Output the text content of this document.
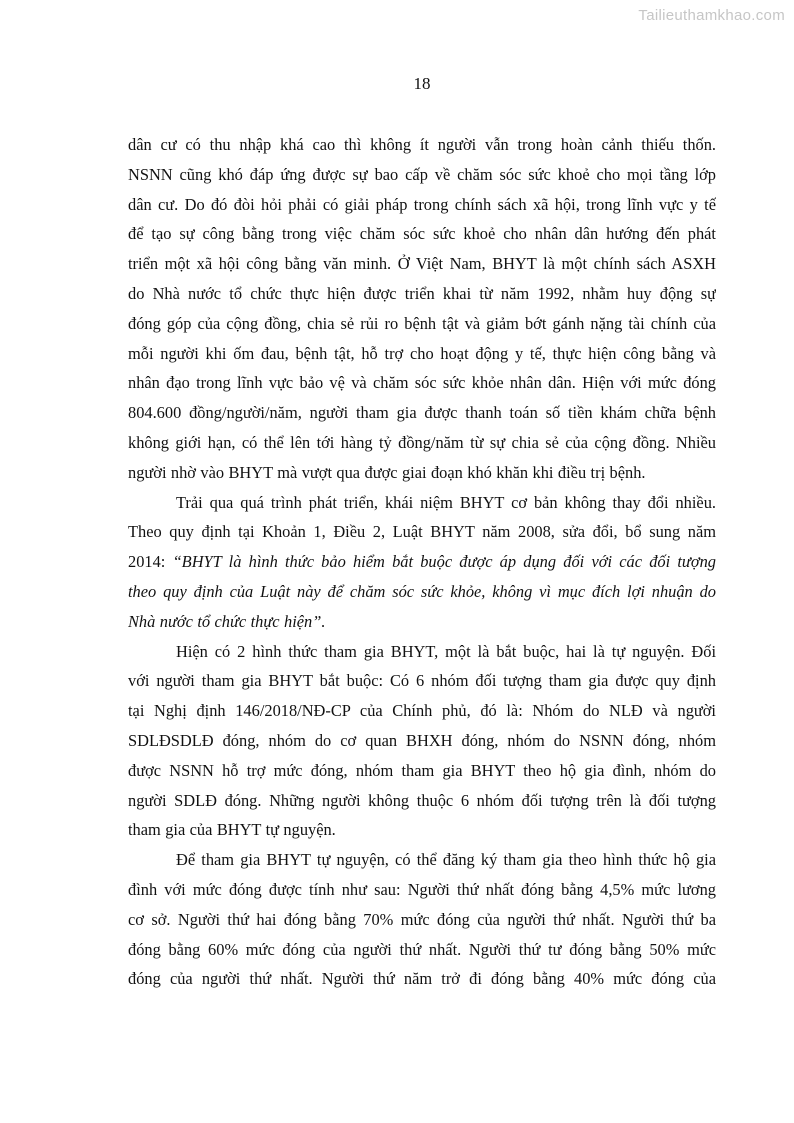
Tailieuthamkhao.com
18
dân cư có thu nhập khá cao thì không ít người vẫn trong hoàn cảnh thiếu thốn.
NSNN cũng khó đáp ứng được sự bao cấp về chăm sóc sức khoẻ cho mọi tầng lớp
dân cư. Do đó đòi hỏi phải có giải pháp trong chính sách xã hội, trong lĩnh vực y tế
để tạo sự công bằng trong việc chăm sóc sức khoẻ cho nhân dân hướng đến phát
triển một xã hội công bằng văn minh. Ở Việt Nam, BHYT là một chính sách ASXH
do Nhà nước tổ chức thực hiện được triển khai từ năm 1992, nhằm huy động sự
đóng góp của cộng đồng, chia sẻ rủi ro bệnh tật và giảm bớt gánh nặng tài chính của
mỗi người khi ốm đau, bệnh tật, hỗ trợ cho hoạt động y tế, thực hiện công bằng và
nhân đạo trong lĩnh vực bảo vệ và chăm sóc sức khỏe nhân dân. Hiện với mức đóng
804.600 đồng/người/năm, người tham gia được thanh toán số tiền khám chữa bệnh
không giới hạn, có thể lên tới hàng tỷ đồng/năm từ sự chia sẻ của cộng đồng. Nhiều
người nhờ vào BHYT mà vượt qua được giai đoạn khó khăn khi điều trị bệnh.
Trải qua quá trình phát triển, khái niệm BHYT cơ bản không thay đổi nhiều.
Theo quy định tại Khoản 1, Điều 2, Luật BHYT năm 2008, sửa đổi, bổ sung năm
2014: “BHYT là hình thức bảo hiểm bắt buộc được áp dụng đối với các đối tượng
theo quy định của Luật này để chăm sóc sức khỏe, không vì mục đích lợi nhuận do
Nhà nước tổ chức thực hiện”.
Hiện có 2 hình thức tham gia BHYT, một là bắt buộc, hai là tự nguyện. Đối
với người tham gia BHYT bắt buộc: Có 6 nhóm đối tượng tham gia được quy định
tại Nghị định 146/2018/NĐ-CP của Chính phủ, đó là: Nhóm do NLĐ và người
SDLĐSDLĐ đóng, nhóm do cơ quan BHXH đóng, nhóm do NSNN đóng, nhóm
được NSNN hỗ trợ mức đóng, nhóm tham gia BHYT theo hộ gia đình, nhóm do
người SDLĐ đóng. Những người không thuộc 6 nhóm đối tượng trên là đối tượng
tham gia của BHYT tự nguyện.
Để tham gia BHYT tự nguyện, có thể đăng ký tham gia theo hình thức hộ gia
đình với mức đóng được tính như sau: Người thứ nhất đóng bằng 4,5% mức lương
cơ sở. Người thứ hai đóng bằng 70% mức đóng của người thứ nhất. Người thứ ba
đóng bằng 60% mức đóng của người thứ nhất. Người thứ tư đóng bằng 50% mức
đóng của người thứ nhất. Người thứ năm trở đi đóng bằng 40% mức đóng của
